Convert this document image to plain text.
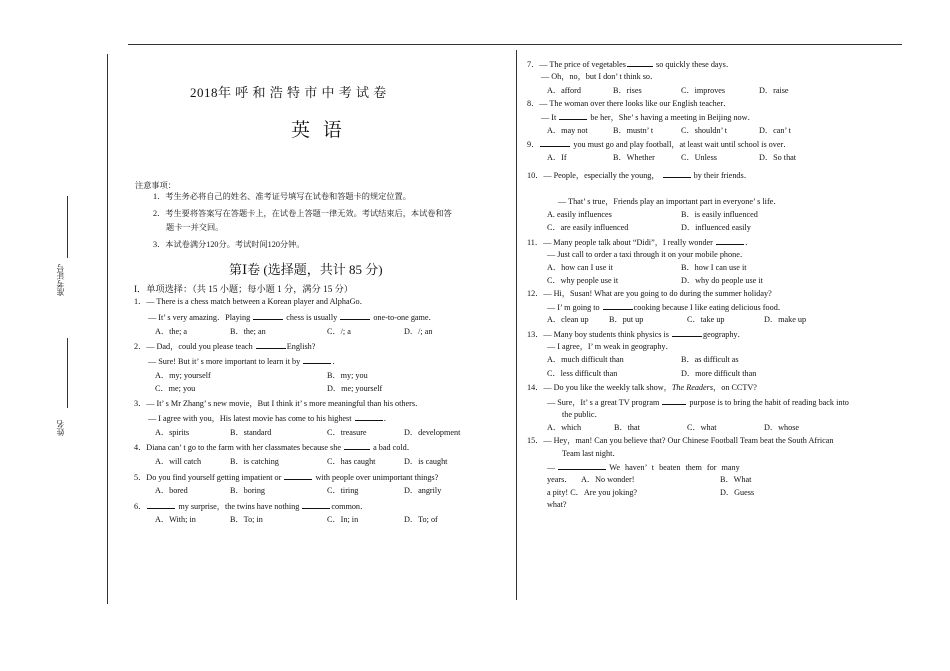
准考证号
姓名
2018年 呼 和 浩 特 市 中 考 试 卷
英 语
注意事项：
1．考生务必将自己的姓名、准考证号填写在试卷和答题卡的规定位置。
2．考生要将答案写在答题卡上，在试卷上答题一律无效。考试结束后，本试卷和答
题卡一并交回。
3．本试卷满分120分。考试时间120分钟。
第Ⅰ卷 (选择题，共计 85 分)
I．单项选择：（共 15 小题；每小题 1 分，满分 15 分）
1．— There is a chess match between a Korean player and AlphaGo．
— It’ s very amazing．Playing	chess is usually	one-to-one game．
A．the; a	B．the; an	C．/; a	D．/; an
2．— Dad，could you please teach	English?
— Sure! But it’ s more important to learn it by	．
A．my; yourself	B．my; you
C．me; you	D．me; yourself
3．— It’ s Mr Zhang’ s new movie，But I think it’ s more meaningful than his others．
— I agree with you，His latest movie has come to his highest	．
A．spirits	B．standard	C．treasure	D．development
4．Diana can’ t go to the farm with her classmates because she	a bad cold．
A．will catch	B．is catching	C．has caught	D．is caught
5．Do you find yourself getting impatient or	with people over unimportant things?
A．bored	B．boring	C．tiring	D．angrily
6．	my surprise，the twins have nothing	common．
A．With; in	B．To; in	C．In; in	D．To; of
7．— The price of vegetables	so quickly these days．
— Oh，no，but I don’ t think so．
A．afford	B．rises	C．improves	D．raise
8．— The woman over there looks like our English teacher．
— It	be her，She’ s having a meeting in Beijing now．
A．may not	B．mustn’ t	C．shouldn’ t	D．can’ t
9．	you must go and play football，at least wait until school is over．
A．If	B．Whether	C．Unless	D．So that
10．— People，especially the young，	by their friends．
— That’ s true，Friends play an important part in everyone’ s life．
A. easily influences	B．is easily influenced
C．are easily influenced	D．influenced easily
11．— Many people talk about “Didi”，I really wonder	．
— Just call to order a taxi through it on your mobile phone．
A．how can I use it	B．how I can use it
C．why people use it	D．why do people use it
12．— Hi，Susan! What are you going to do during the summer holiday?
— I’ m going to	cooking because I like eating delicious food．
A．clean up B．put up	C．take up	D．make up
13．— Many boy students think physics is	geography．
— I agree，I’ m weak in geography．
A．much difficult than	B．as difficult as
C．less difficult than	D．more difficult than
14．— Do you like the weekly talk show，The Readers，on CCTV?
— Sure，It’ s a great TV program	purpose is to bring the habit of reading back into
the public．
A．which	B．that	C．what	D．whose
15．— Hey，man! Can you believe that? Our Chinese Football Team beat the South African
Team last night．
—	We haven’ t beaten them for many
years． A．No wonder!	B．What
a pity! C．Are you joking?	D．Guess
what?
